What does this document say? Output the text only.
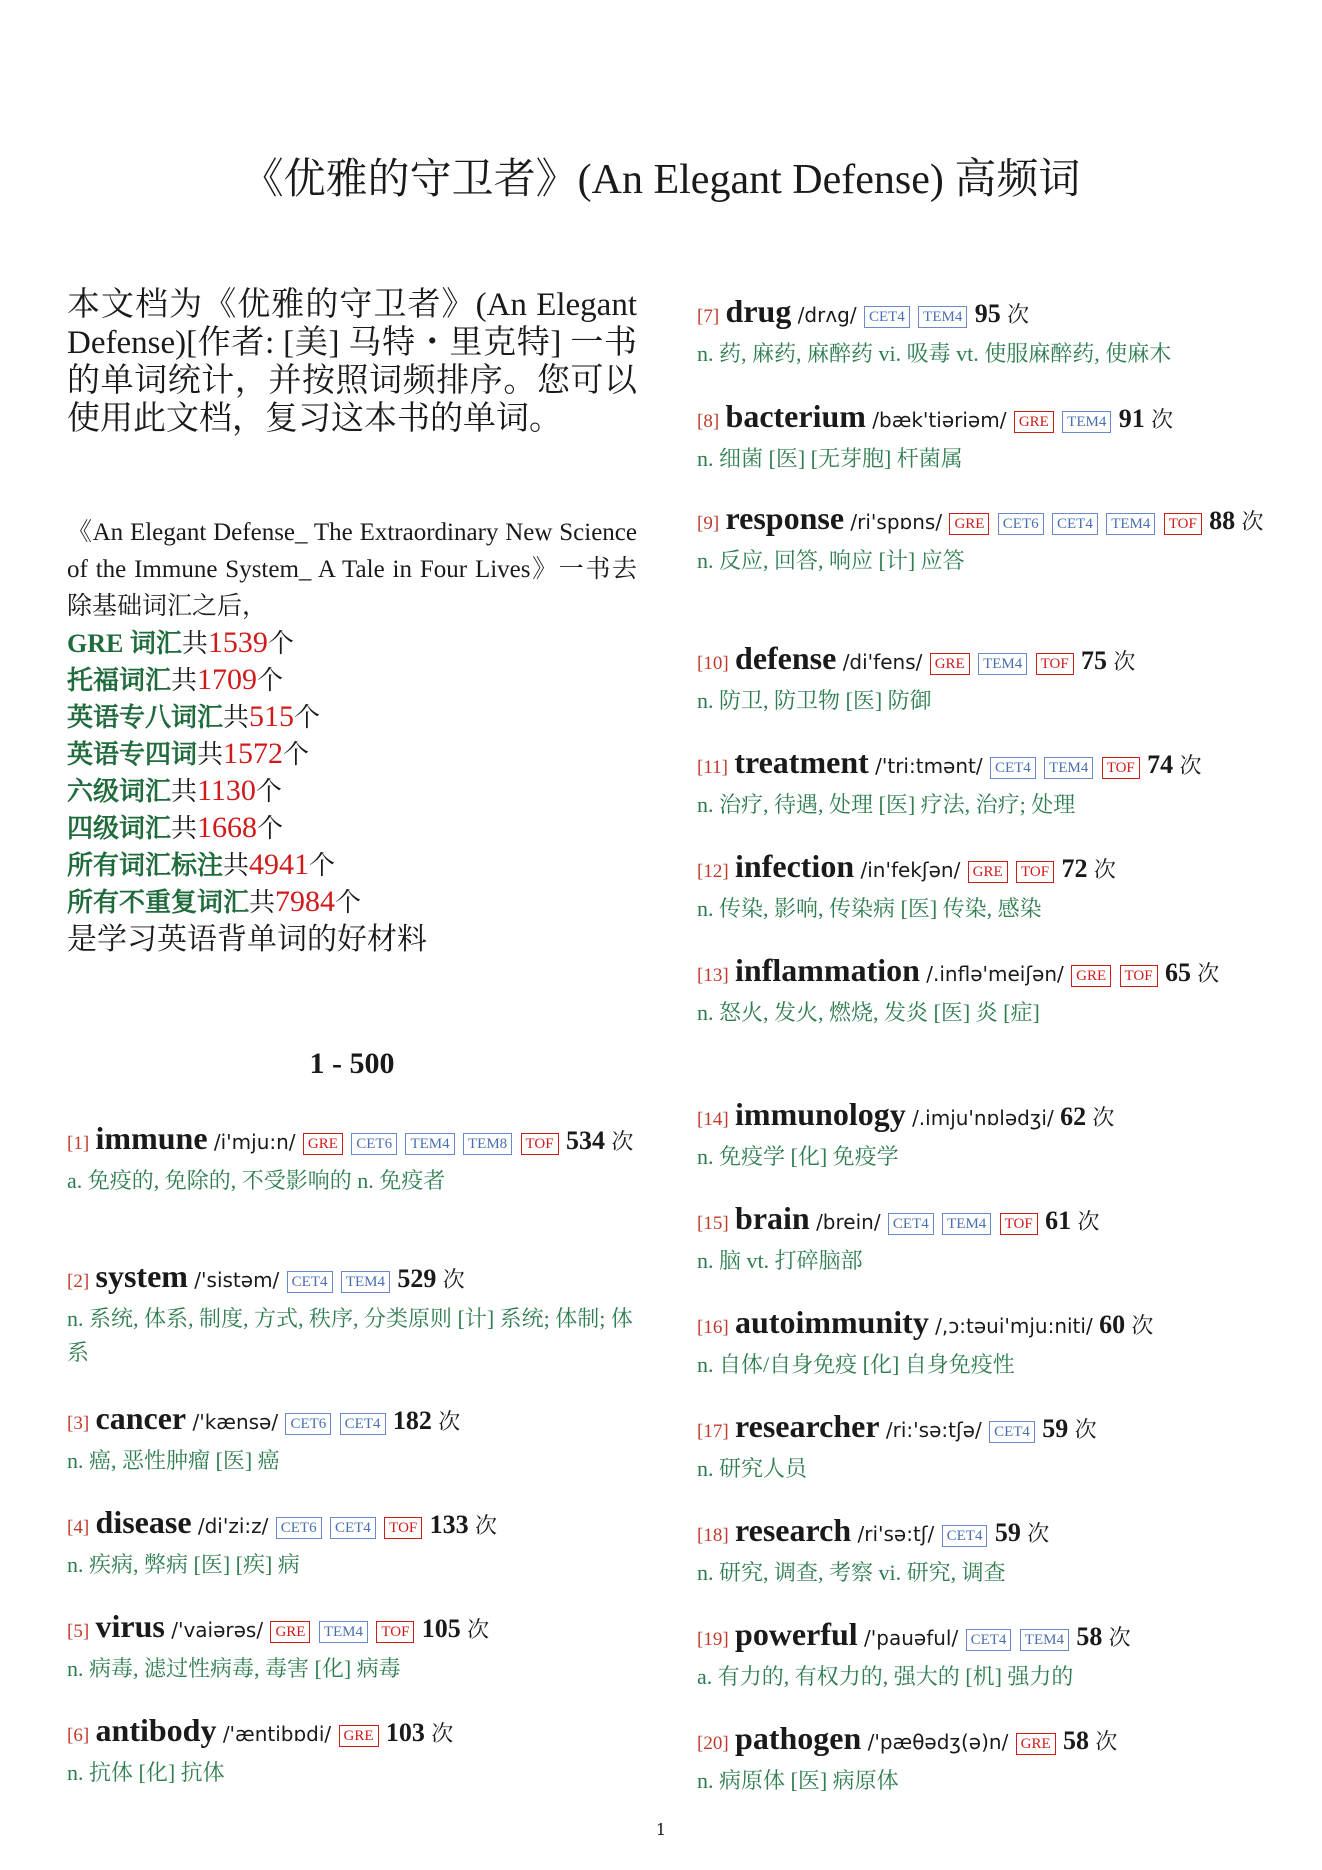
《优雅的守卫者》(An Elegant Defense) 高频词
本文档为《优雅的守卫者》(An Elegant Defense)[作者: [美] 马特・里克特] 一书的单词统计，并按照词频排序。您可以使用此文档，复习这本书的单词。
《An Elegant Defense_ The Extraordinary New Science of the Immune System_ A Tale in Four Lives》一书去除基础词汇之后，
GRE 词汇共1539个
托福词汇共1709个
英语专八词汇共515个
英语专四词共1572个
六级词汇共1130个
四级词汇共1668个
所有词汇标注共4941个
所有不重复词汇共7984个
是学习英语背单词的好材料
1 - 500
[1] immune /i'mju:n/ GRE CET6 TEM4 TEM8 TOF 534 次
a. 免疫的, 免除的, 不受影响的 n. 免疫者
[2] system /'sistəm/ CET4 TEM4 529 次
n. 系统, 体系, 制度, 方式, 秩序, 分类原则 [计] 系统; 体制; 体系
[3] cancer /'kænsə/ CET6 CET4 182 次
n. 癌, 恶性肿瘤 [医] 癌
[4] disease /di'zi:z/ CET6 CET4 TOF 133 次
n. 疾病, 弊病 [医] [疾] 病
[5] virus /'vaiərəs/ GRE TEM4 TOF 105 次
n. 病毒, 滤过性病毒, 毒害 [化] 病毒
[6] antibody /'æntibɒdi/ GRE 103 次
n. 抗体 [化] 抗体
[7] drug /drʌg/ CET4 TEM4 95 次
n. 药, 麻药, 麻醉药 vi. 吸毒 vt. 使服麻醉药, 使麻木
[8] bacterium /bæk'tiəriəm/ GRE TEM4 91 次
n. 细菌 [医] [无芽胞] 杆菌属
[9] response /ri'spɒns/ GRE CET6 CET4 TEM4 TOF 88 次
n. 反应, 回答, 响应 [计] 应答
[10] defense /di'fens/ GRE TEM4 TOF 75 次
n. 防卫, 防卫物 [医] 防御
[11] treatment /'tri:tmənt/ CET4 TEM4 TOF 74 次
n. 治疗, 待遇, 处理 [医] 疗法, 治疗; 处理
[12] infection /in'fekʃən/ GRE TOF 72 次
n. 传染, 影响, 传染病 [医] 传染, 感染
[13] inflammation /.inflə'meiʃən/ GRE TOF 65 次
n. 怒火, 发火, 燃烧, 发炎 [医] 炎 [症]
[14] immunology /.imju'nɒlədʒi/ 62 次
n. 免疫学 [化] 免疫学
[15] brain /brein/ CET4 TEM4 TOF 61 次
n. 脑 vt. 打碎脑部
[16] autoimmunity /,ɔ:təui'mju:niti/ 60 次
n. 自体/自身免疫 [化] 自身免疫性
[17] researcher /ri:'sə:tʃə/ CET4 59 次
n. 研究人员
[18] research /ri'sə:tʃ/ CET4 59 次
n. 研究, 调查, 考察 vi. 研究, 调查
[19] powerful /'pauəful/ CET4 TEM4 58 次
a. 有力的, 有权力的, 强大的 [机] 强力的
[20] pathogen /'pæθədʒ(ə)n/ GRE 58 次
n. 病原体 [医] 病原体
1
